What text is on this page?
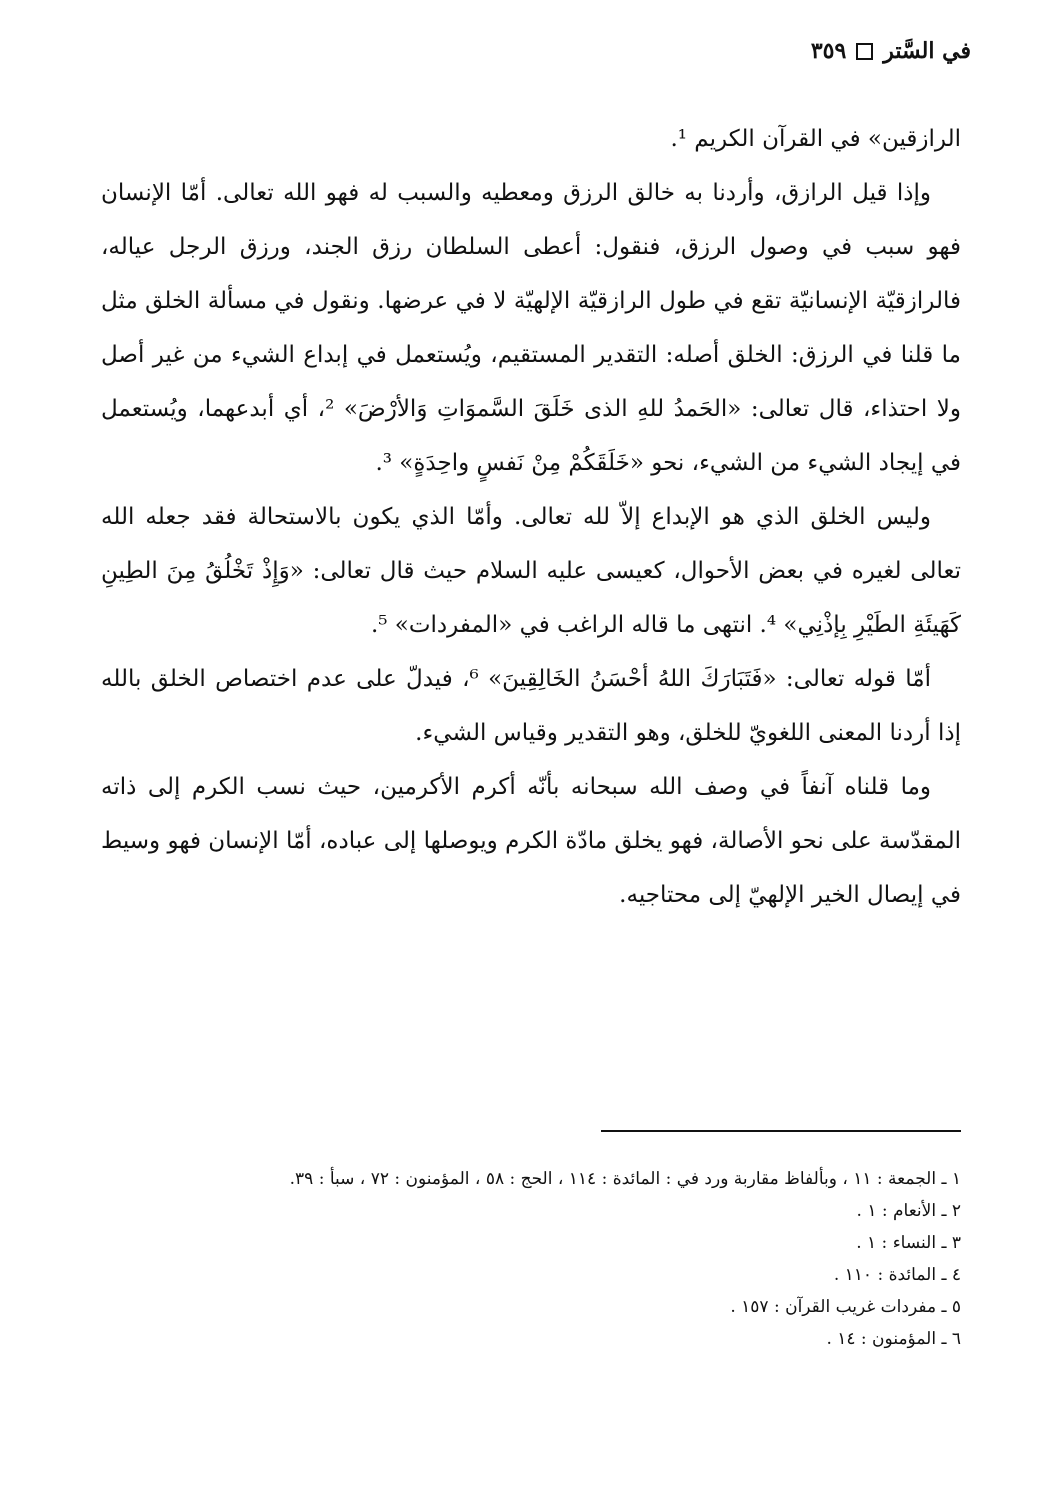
في السَّتر
٣٥٩

الرازقين» في القرآن الكريم ¹.

وإذا قيل الرازق، وأردنا به خالق الرزق ومعطيه والسبب له فهو الله تعالى. أمّا الإنسان فهو سبب في وصول الرزق، فنقول: أعطى السلطان رزق الجند، ورزق الرجل عياله، فالرازقيّة الإنسانيّة تقع في طول الرازقيّة الإلهيّة لا في عرضها. ونقول في مسألة الخلق مثل ما قلنا في الرزق: الخلق أصله: التقدير المستقيم، ويُستعمل في إبداع الشيء من غير أصل ولا احتذاء، قال تعالى: «الحَمدُ للهِ الذى خَلَقَ السَّموَاتِ وَالأرْضَ» ²، أي أبدعهما، ويُستعمل في إيجاد الشيء من الشيء، نحو «خَلَقَكُمْ مِنْ نَفسٍ واحِدَةٍ» ³.

وليس الخلق الذي هو الإبداع إلاّ لله تعالى. وأمّا الذي يكون بالاستحالة فقد جعله الله تعالى لغيره في بعض الأحوال، كعيسى عليه السلام حيث قال تعالى: «وَإِذْ تَخْلُقُ مِنَ الطِينِ كَهَيئَةِ الطَيْرِ بِإذْنِي» ⁴. انتهى ما قاله الراغب في «المفردات» ⁵.

أمّا قوله تعالى: «فَتَبَارَكَ اللهُ أحْسَنُ الخَالِقِينَ» ⁶، فيدلّ على عدم اختصاص الخلق بالله إذا أردنا المعنى اللغويّ للخلق، وهو التقدير وقياس الشيء.

وما قلناه آنفاً في وصف الله سبحانه بأنّه أكرم الأكرمين، حيث نسب الكرم إلى ذاته المقدّسة على نحو الأصالة، فهو يخلق مادّة الكرم ويوصلها إلى عباده، أمّا الإنسان فهو وسيط في إيصال الخير الإلهيّ إلى محتاجيه.

١ ـ الجمعة : ١١ ، وبألفاظ مقاربة ورد في : المائدة : ١١٤ ، الحج : ٥٨ ، المؤمنون : ٧٢ ، سبأ : ٣٩.
٢ ـ الأنعام : ١ .
٣ ـ النساء : ١ .
٤ ـ المائدة : ١١٠ .
٥ ـ مفردات غريب القرآن : ١٥٧ .
٦ ـ المؤمنون : ١٤ .
